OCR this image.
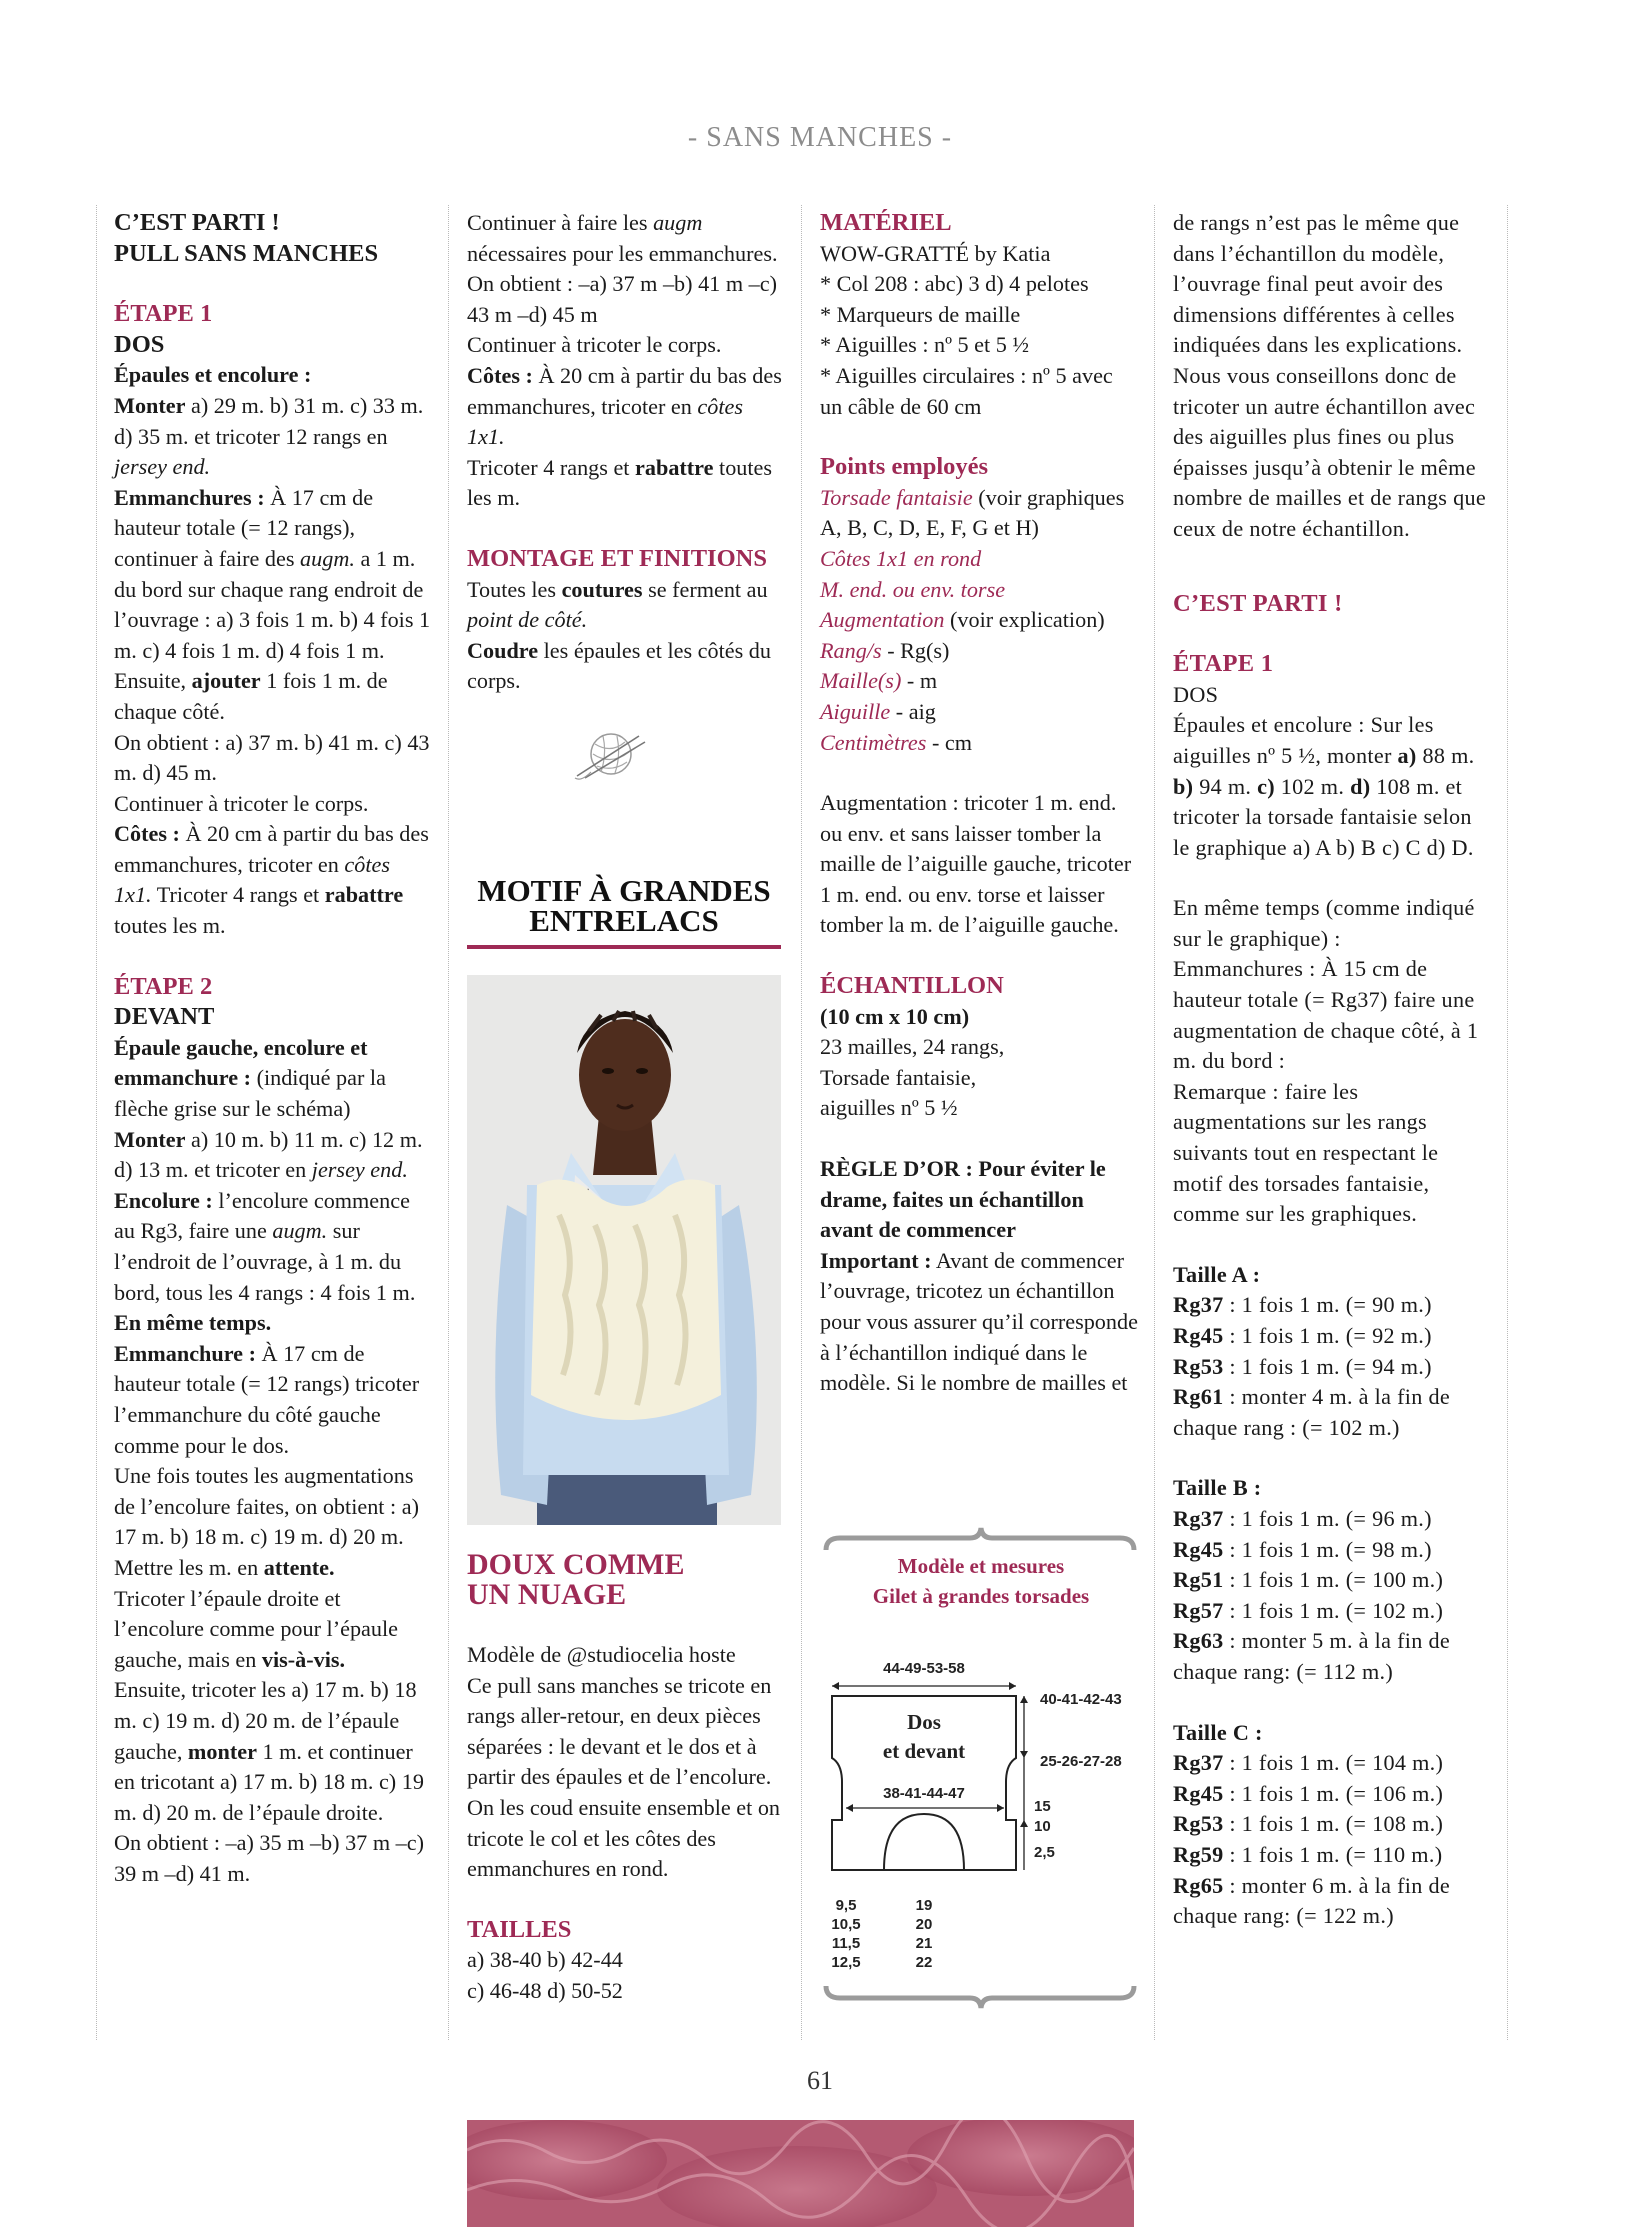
- SANS MANCHES -

C’EST PARTI !

PULL SANS MANCHES

ÉTAPE 1

DOS

Épaules et encolure :

Monter a) 29 m. b) 31 m. c) 33 m. d) 35 m. et tricoter 12 rangs en jersey end.

Emmanchures : À 17 cm de hauteur totale (= 12 rangs), continuer à faire des augm. a 1 m. du bord sur chaque rang endroit de l’ouvrage : a) 3 fois 1 m. b) 4 fois 1 m. c) 4 fois 1 m. d) 4 fois 1 m.

Ensuite, ajouter 1 fois 1 m. de chaque côté.

On obtient : a) 37 m. b) 41 m. c) 43 m. d) 45 m.

Continuer à tricoter le corps.

Côtes : À 20 cm à partir du bas des emmanchures, tricoter en côtes 1x1. Tricoter 4 rangs et rabattre toutes les m.

ÉTAPE 2

DEVANT

Épaule gauche, encolure et emmanchure : (indiqué par la flèche grise sur le schéma)

Monter a) 10 m. b) 11 m. c) 12 m. d) 13 m. et tricoter en jersey end.

Encolure : l’encolure commence au Rg3, faire une augm. sur l’endroit de l’ouvrage, à 1 m. du bord, tous les 4 rangs : 4 fois 1 m.

En même temps.

Emmanchure : À 17 cm de hauteur totale (= 12 rangs) tricoter l’emmanchure du côté gauche comme pour le dos.

Une fois toutes les augmentations de l’encolure faites, on obtient : a) 17 m. b) 18 m. c) 19 m. d) 20 m.

Mettre les m. en attente.

Tricoter l’épaule droite et l’encolure comme pour l’épaule gauche, mais en vis-à-vis.

Ensuite, tricoter les a) 17 m. b) 18 m. c) 19 m. d) 20 m. de l’épaule gauche, monter 1 m. et continuer en tricotant a) 17 m. b) 18 m. c) 19 m. d) 20 m. de l’épaule droite.

On obtient : –a) 35 m –b) 37 m –c) 39 m –d) 41 m.

Continuer à faire les augm nécessaires pour les emmanchures.

On obtient : –a) 37 m –b) 41 m –c) 43 m –d) 45 m

Continuer à tricoter le corps.

Côtes : À 20 cm à partir du bas des emmanchures, tricoter en côtes 1x1.

Tricoter 4 rangs et rabattre toutes les m.

MONTAGE ET FINITIONS

Toutes les coutures se ferment au point de côté.

Coudre les épaules et les côtés du corps.

MOTIF À GRANDES
ENTRELACS

DOUX COMME

UN NUAGE

Modèle de @studiocelia hoste

Ce pull sans manches se tricote en rangs aller-retour, en deux pièces séparées : le devant et le dos et à partir des épaules et de l’encolure. On les coud ensuite ensemble et on tricote le col et les côtes des emmanchures en rond.

TAILLES

a) 38-40 b) 42-44

c) 46-48 d) 50-52

MATÉRIEL

WOW-GRATTÉ by Katia

* Col 208 : abc) 3 d) 4 pelotes

* Marqueurs de maille

* Aiguilles : nº 5 et 5 ½

* Aiguilles circulaires : nº 5 avec un câble de 60 cm

Points employés

Torsade fantaisie (voir graphiques A, B, C, D, E, F, G et H)

Côtes 1x1 en rond

M. end. ou env. torse

Augmentation (voir explication)

Rang/s - Rg(s)

Maille(s) - m

Aiguille - aig

Centimètres - cm

Augmentation : tricoter 1 m. end. ou env. et sans laisser tomber la maille de l’aiguille gauche, tricoter 1 m. end. ou env. torse et laisser tomber la m. de l’aiguille gauche.

ÉCHANTILLON

(10 cm x 10 cm)

23 mailles, 24 rangs,

Torsade fantaisie,

aiguilles nº 5 ½

RÈGLE D’OR : Pour éviter le drame, faites un échantillon avant de commencer

Important : Avant de commencer l’ouvrage, tricotez un échantillon pour vous assurer qu’il corresponde à l’échantillon indiqué dans le modèle. Si le nombre de mailles et

Modèle et mesures
Gilet à grandes torsades
44-49-53-58
Dos
et devant
38-41-44-47
40-41-42-43
25-26-27-28
15
10
2,5
9,5
10,5
11,5
12,5
19
20
21
22

de rangs n’est pas le même que dans l’échantillon du modèle, l’ouvrage final peut avoir des dimensions différentes à celles indiquées dans les explications. Nous vous conseillons donc de tricoter un autre échantillon avec des aiguilles plus fines ou plus épaisses jusqu’à obtenir le même nombre de mailles et de rangs que ceux de notre échantillon.

C’EST PARTI !

ÉTAPE 1

DOS

Épaules et encolure : Sur les aiguilles nº 5 ½, monter a) 88 m. b) 94 m. c) 102 m. d) 108 m. et tricoter la torsade fantaisie selon le graphique a) A b) B c) C d) D.

En même temps (comme indiqué sur le graphique) :

Emmanchures : À 15 cm de hauteur totale (= Rg37) faire une augmentation de chaque côté, à 1 m. du bord :

Remarque : faire les augmentations sur les rangs suivants tout en respectant le motif des torsades fantaisie, comme sur les graphiques.

Taille A :

Rg37 : 1 fois 1 m. (= 90 m.)

Rg45 : 1 fois 1 m. (= 92 m.)

Rg53 : 1 fois 1 m. (= 94 m.)

Rg61 : monter 4 m. à la fin de chaque rang : (= 102 m.)

Taille B :

Rg37 : 1 fois 1 m. (= 96 m.)

Rg45 : 1 fois 1 m. (= 98 m.)

Rg51 : 1 fois 1 m. (= 100 m.)

Rg57 : 1 fois 1 m. (= 102 m.)

Rg63 : monter 5 m. à la fin de chaque rang: (= 112 m.)

Taille C :

Rg37 : 1 fois 1 m. (= 104 m.)

Rg45 : 1 fois 1 m. (= 106 m.)

Rg53 : 1 fois 1 m. (= 108 m.)

Rg59 : 1 fois 1 m. (= 110 m.)

Rg65 : monter 6 m. à la fin de chaque rang: (= 122 m.)

61
